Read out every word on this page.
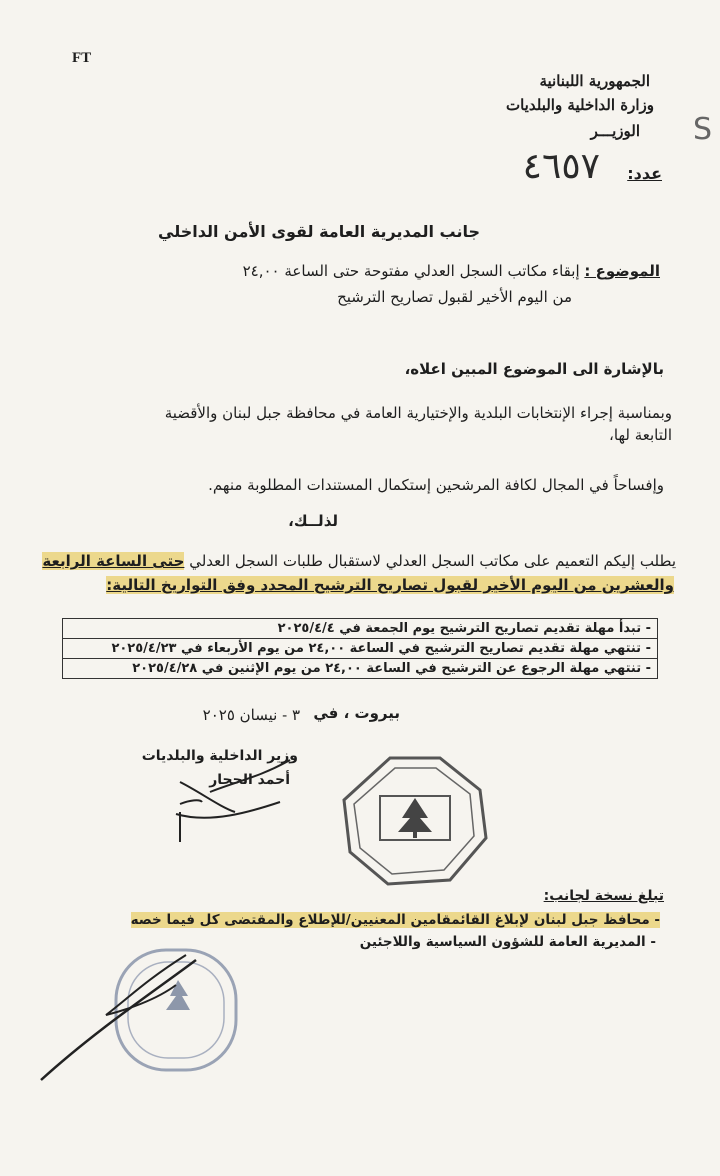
FT
الجمهورية اللبنانية
وزارة الداخلية والبلديات
الوزيـــر S
عدد:
٤٦٥٧
جانب المديرية العامة لقوى الأمن الداخلي
الموضوع : إبقاء مكاتب السجل العدلي مفتوحة حتى الساعة ٢٤,٠٠
من اليوم الأخير لقبول تصاريح الترشيح
بالإشارة الى الموضوع المبين اعلاه،
وبمناسبة إجراء الإنتخابات البلدية والإختيارية العامة في محافظة جبل لبنان والأقضية
التابعة لها،
وإفساحاً في المجال لكافة المرشحين إستكمال المستندات المطلوبة منهم.
لذلــك،
يطلب إليكم التعميم على مكاتب السجل العدلي لاستقبال طلبات السجل العدلي حتى الساعة الرابعة
والعشرين من اليوم الأخير لقبول تصاريح الترشيح المحدد وفق التواريخ التالية:
- تبدأ مهلة تقديم تصاريح الترشيح يوم الجمعة في ٢٠٢٥/٤/٤
- تنتهي مهلة تقديم تصاريح الترشيح في الساعة ٢٤,٠٠ من يوم الأربعاء في ٢٠٢٥/٤/٢٣
- تنتهي مهلة الرجوع عن الترشيح في الساعة ٢٤,٠٠ من يوم الإثنين في ٢٠٢٥/٤/٢٨
بيروت ، في
٣ - نيسان ٢٠٢٥
وزير الداخلية والبلديات
أحمد الحجار
تبلغ نسخة لجانب:
- محافظ جبل لبنان لإبلاغ القائمقامين المعنيين/للإطلاع والمقتضى كل فيما خصه
- المديرية العامة للشؤون السياسية واللاجئين
